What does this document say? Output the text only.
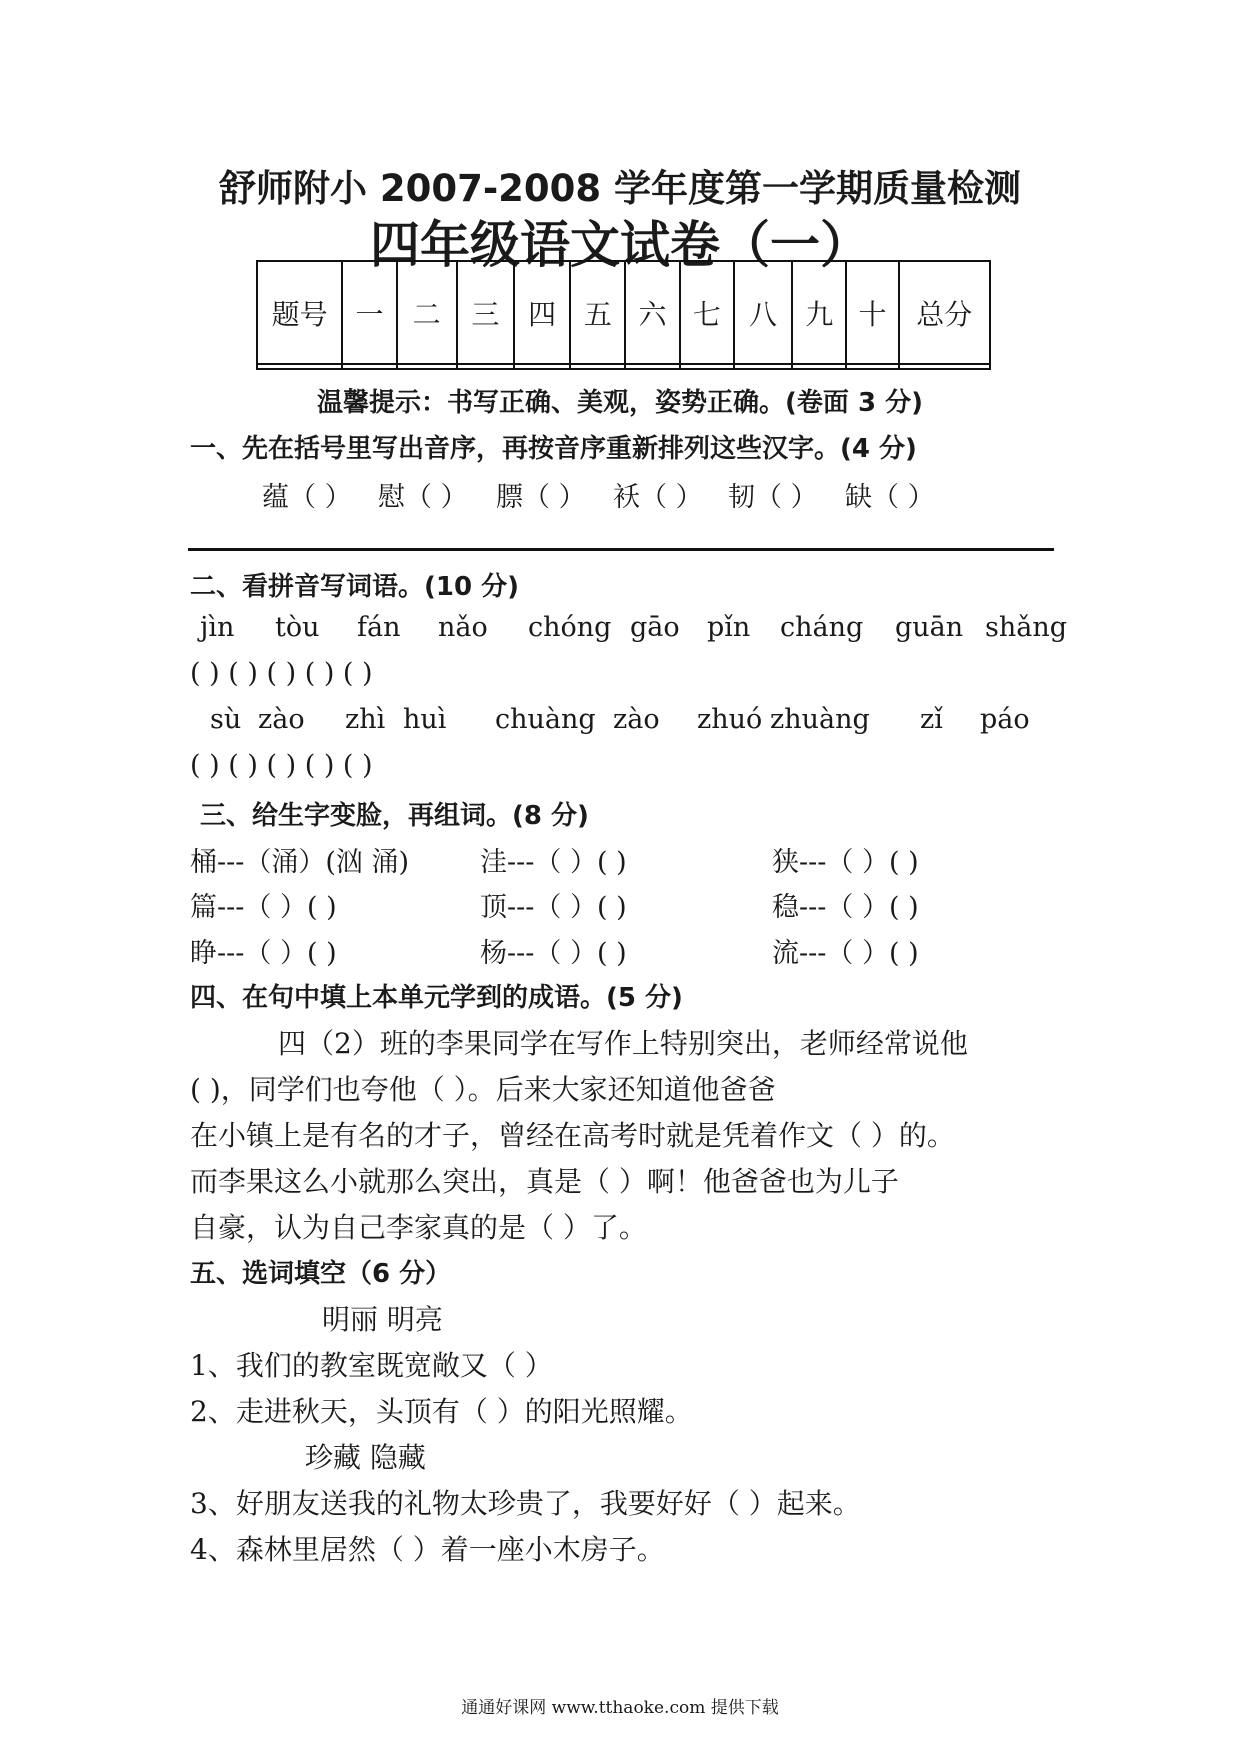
舒师附小 2007-2008 学年度第一学期质量检测
四年级语文试卷（一）
题号	一	二	三	四	五	六	七	八	九	十	总分

温馨提示：书写正确、美观，姿势正确。(卷面 3 分)
一、先在括号里写出音序，再按音序重新排列这些汉字。(4 分)
蕴（ ） 慰（ ） 膘（ ） 袄（ ） 韧（ ） 缺（ ）
二、看拼音写词语。(10 分)
jìn tòu fán nǎo chóng gāo pǐn cháng guān shǎng
( ) ( ) ( ) ( ) ( )
sù zào zhì huì chuàng zào zhuó zhuàng zǐ páo
( ) ( ) ( ) ( ) ( )
三、给生字变脸，再组词。(8 分)
桶---（涌）(汹 涌)	洼---（ ）( )	狭---（ ）( )
篇---（ ）( )	顶---（ ）( )	稳---（ ）( )
睁---（ ）( )	杨---（ ）( )	流---（ ）( )
四、在句中填上本单元学到的成语。(5 分)
四（2）班的李果同学在写作上特别突出，老师经常说他
( )，同学们也夸他（ ）。后来大家还知道他爸爸
在小镇上是有名的才子，曾经在高考时就是凭着作文（ ）的。
而李果这么小就那么突出，真是（ ）啊！他爸爸也为儿子
自豪，认为自己李家真的是（ ）了。
五、选词填空（6 分）
明丽 明亮
1、我们的教室既宽敞又（ ）
2、走进秋天，头顶有（ ）的阳光照耀。
珍藏 隐藏
3、好朋友送我的礼物太珍贵了，我要好好（ ）起来。
4、森林里居然（ ）着一座小木房子。
通通好课网 www.tthaoke.com 提供下载
